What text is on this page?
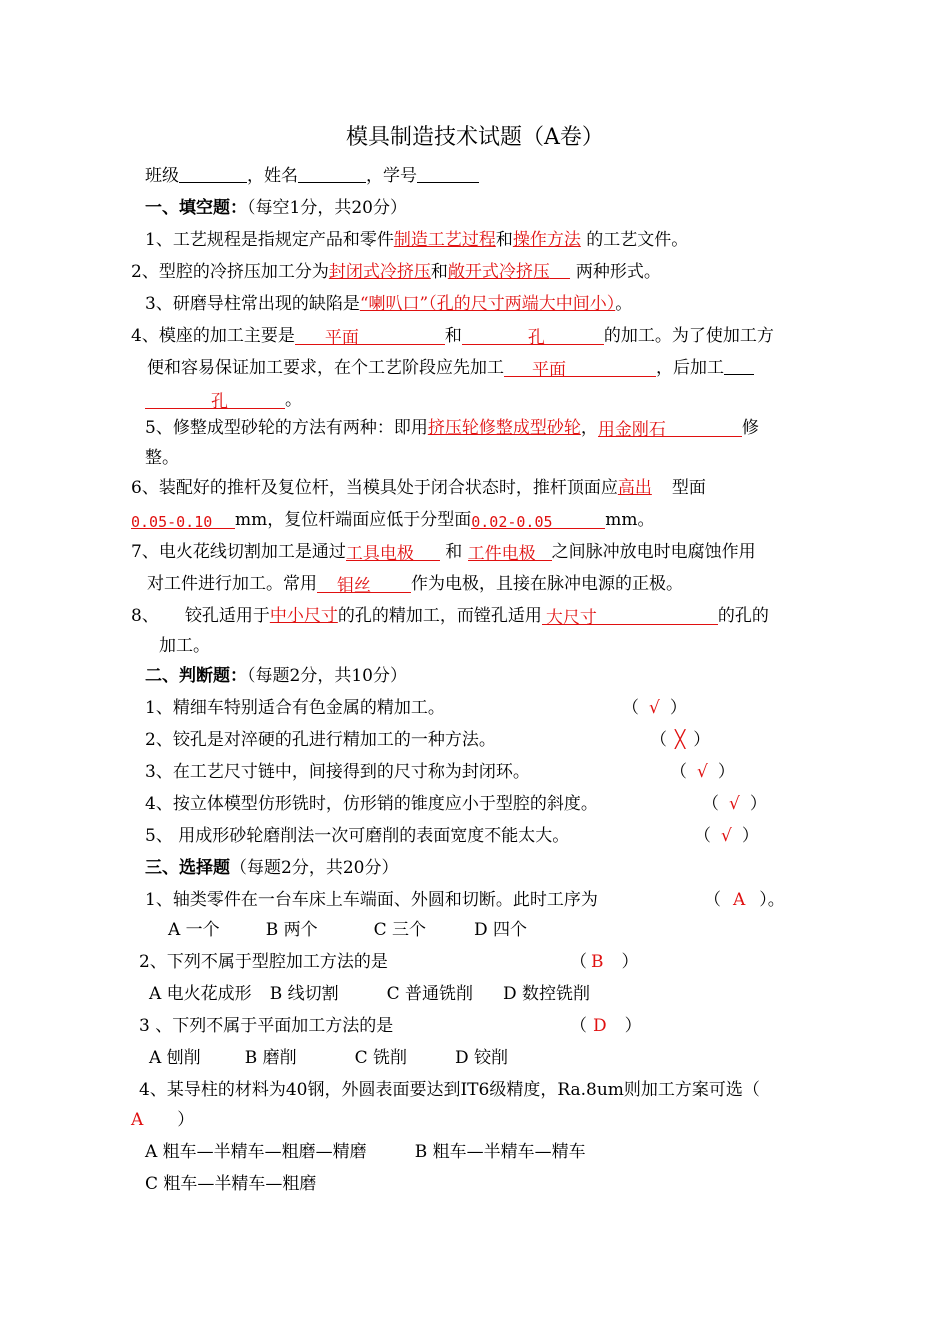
模具制造技术试题（A卷）
班级	，姓名	，学号
一、填空题：（每空1分，共20分）
1、工艺规程是指规定产品和零件制造工艺过程和操作方法 的工艺文件。
2、型腔的冷挤压加工分为封闭式冷挤压和敞开式冷挤压 两种形式。
3、研磨导柱常出现的缺陷是“喇叭口”（孔的尺寸两端大中间小）。
4、模座的加工主要是 平面	和	孔	的加工。为了使加工方
便和容易保证加工要求，在个工艺阶段应先加工 平面	，后加工
孔	。
5、修整成型砂轮的方法有两种：即用挤压轮修整成型砂轮，用金刚石	修
整。
6、装配好的推杆及复位杆，当模具处于闭合状态时，推杆顶面应高出 型面
0.05-0.10 mm，复位杆端面应低于分型面0.02-0.05	mm。
7、电火花线切割加工是通过工具电极 和 工件电极 之间脉冲放电时电腐蚀作用
对工件进行加工。常用 钼丝 作为电极，且接在脉冲电源的正极。
8、 铰孔适用于中小尺寸的孔的精加工，而镗孔适用 大尺寸	的孔的
加工。
二、判断题：（每题2分，共10分）
1、精细车特别适合有色金属的精加工。	（ √ ）
2、铰孔是对淬硬的孔进行精加工的一种方法。	（ ╳ ）
3、在工艺尺寸链中，间接得到的尺寸称为封闭环。	（ √ ）
4、按立体模型仿形铣时，仿形销的锥度应小于型腔的斜度。	（ √ ）
5、 用成形砂轮磨削法一次可磨削的表面宽度不能太大。	（ √ ）
三、选择题（每题2分，共20分）
1、轴类零件在一台车床上车端面、外圆和切断。此时工序为	（ A ）。
A 一个	B 两个	C 三个	D 四个
2、下列不属于型腔加工方法的是	（ B ）
A 电火花成形 B 线切割	C 普通铣削 D 数控铣削
3 、下列不属于平面加工方法的是	（ D ）
A 刨削	B 磨削	C 铣削	D 铰削
4、某导柱的材料为40钢，外圆表面要达到IT6级精度，Ra.8um则加工方案可选（
A ）
A 粗车—半精车—粗磨—精磨	B 粗车—半精车—精车
C 粗车—半精车—粗磨
